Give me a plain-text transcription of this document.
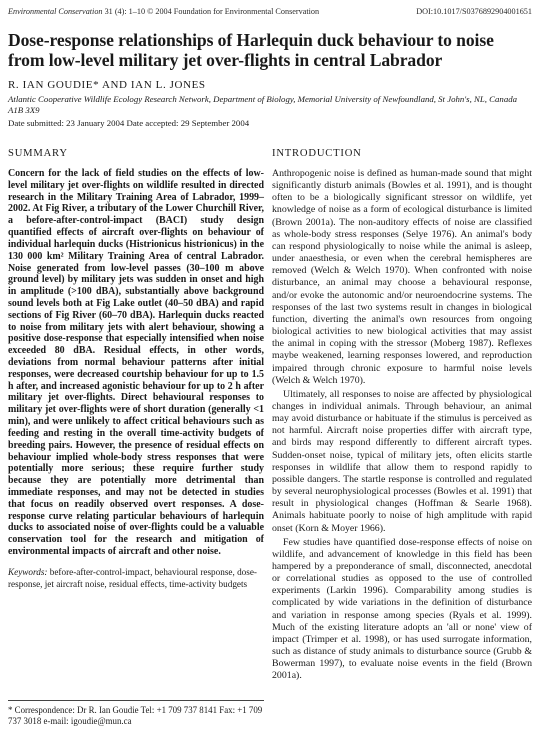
Environmental Conservation 31 (4): 1–10 © 2004 Foundation for Environmental Conservation	DOI:10.1017/S0376892904001651
Dose-response relationships of Harlequin duck behaviour to noise from low-level military jet over-flights in central Labrador
R. IAN GOUDIE* AND IAN L. JONES
Atlantic Cooperative Wildlife Ecology Research Network, Department of Biology, Memorial University of Newfoundland, St John's, NL, Canada A1B 3X9
Date submitted: 23 January 2004 Date accepted: 29 September 2004
SUMMARY

Concern for the lack of field studies on the effects of low-level military jet over-flights on wildlife resulted in directed research in the Military Training Area of Labrador, 1999–2002. At Fig River, a tributary of the Lower Churchill River, a before-after-control-impact (BACI) study design quantified effects of aircraft over-flights on behaviour of individual harlequin ducks (Histrionicus histrionicus) in the 130 000 km² Military Training Area of central Labrador. Noise generated from low-level passes (30–100 m above ground level) by military jets was sudden in onset and high in amplitude (>100 dBA), substantially above background sound levels both at Fig Lake outlet (40–50 dBA) and rapid sections of Fig River (60–70 dBA). Harlequin ducks reacted to noise from military jets with alert behaviour, showing a positive dose-response that especially intensified when noise exceeded 80 dBA. Residual effects, in other words, deviations from normal behaviour patterns after initial responses, were decreased courtship behaviour for up to 1.5 h after, and increased agonistic behaviour for up to 2 h after military jet over-flights. Direct behavioural responses to military jet over-flights were of short duration (generally <1 min), and were unlikely to affect critical behaviours such as feeding and resting in the overall time-activity budgets of breeding pairs. However, the presence of residual effects on behaviour implied whole-body stress responses that were potentially more serious; these require further study because they are potentially more detrimental than immediate responses, and may not be detected in studies that focus on readily observed overt responses. A dose-response curve relating particular behaviours of harlequin ducks to associated noise of over-flights could be a valuable conservation tool for the research and mitigation of environmental impacts of aircraft and other noise.

Keywords: before-after-control-impact, behavioural response, dose-response, jet aircraft noise, residual effects, time-activity budgets
INTRODUCTION

Anthropogenic noise is defined as human-made sound that might significantly disturb animals (Bowles et al. 1991), and is thought often to be a biologically significant stressor on wildlife, yet knowledge of noise as a form of ecological disturbance is limited (Brown 2001a). The non-auditory effects of noise are classified as whole-body stress responses (Selye 1976). An animal's body can respond physiologically to noise while the animal is asleep, under anaesthesia, or even when the cerebral hemispheres are removed (Welch & Welch 1970). When confronted with noise disturbance, an animal may choose a behavioural response, and/or evoke the autonomic and/or neuroendocrine systems. The responses of the last two systems result in changes in biological function, diverting the animal's own resources from ongoing biological activities to new biological activities that may assist the animal in coping with the stressor (Moberg 1987). Reflexes maybe weakened, learning responses lowered, and reproduction impaired through chronic exposure to harmful noise levels (Welch & Welch 1970).

Ultimately, all responses to noise are affected by physiological changes in individual animals. Through behaviour, an animal may avoid disturbance or habituate if the stimulus is perceived as not harmful. Aircraft noise properties differ with aircraft type, and birds may respond differently to different aircraft types. Sudden-onset noise, typical of military jets, often elicits startle responses in wildlife that allow them to respond rapidly to possible dangers. The startle response is controlled and regulated by several neurophysiological processes (Bowles et al. 1991) that result in physiological changes (Hoffman & Searle 1968). Animals habituate poorly to noise of high amplitude with rapid onset (Korn & Moyer 1966).

Few studies have quantified dose-response effects of noise on wildlife, and advancement of knowledge in this field has been hampered by a preponderance of small, disconnected, anecdotal or correlational studies as opposed to the use of controlled experiments (Larkin 1996). Comparability among studies is complicated by wide variations in the definition of disturbance and variation in response among species (Ryals et al. 1999). Much of the existing literature adopts an 'all or none' view of impact (Trimper et al. 1998), or has used surrogate information, such as distance of study animals to disturbance source (Grubb & Bowerman 1997), to evaluate noise events in the field (Brown 2001a).

* Correspondence: Dr R. Ian Goudie Tel: +1 709 737 8141 Fax: +1 709 737 3018 e-mail: igoudie@mun.ca
